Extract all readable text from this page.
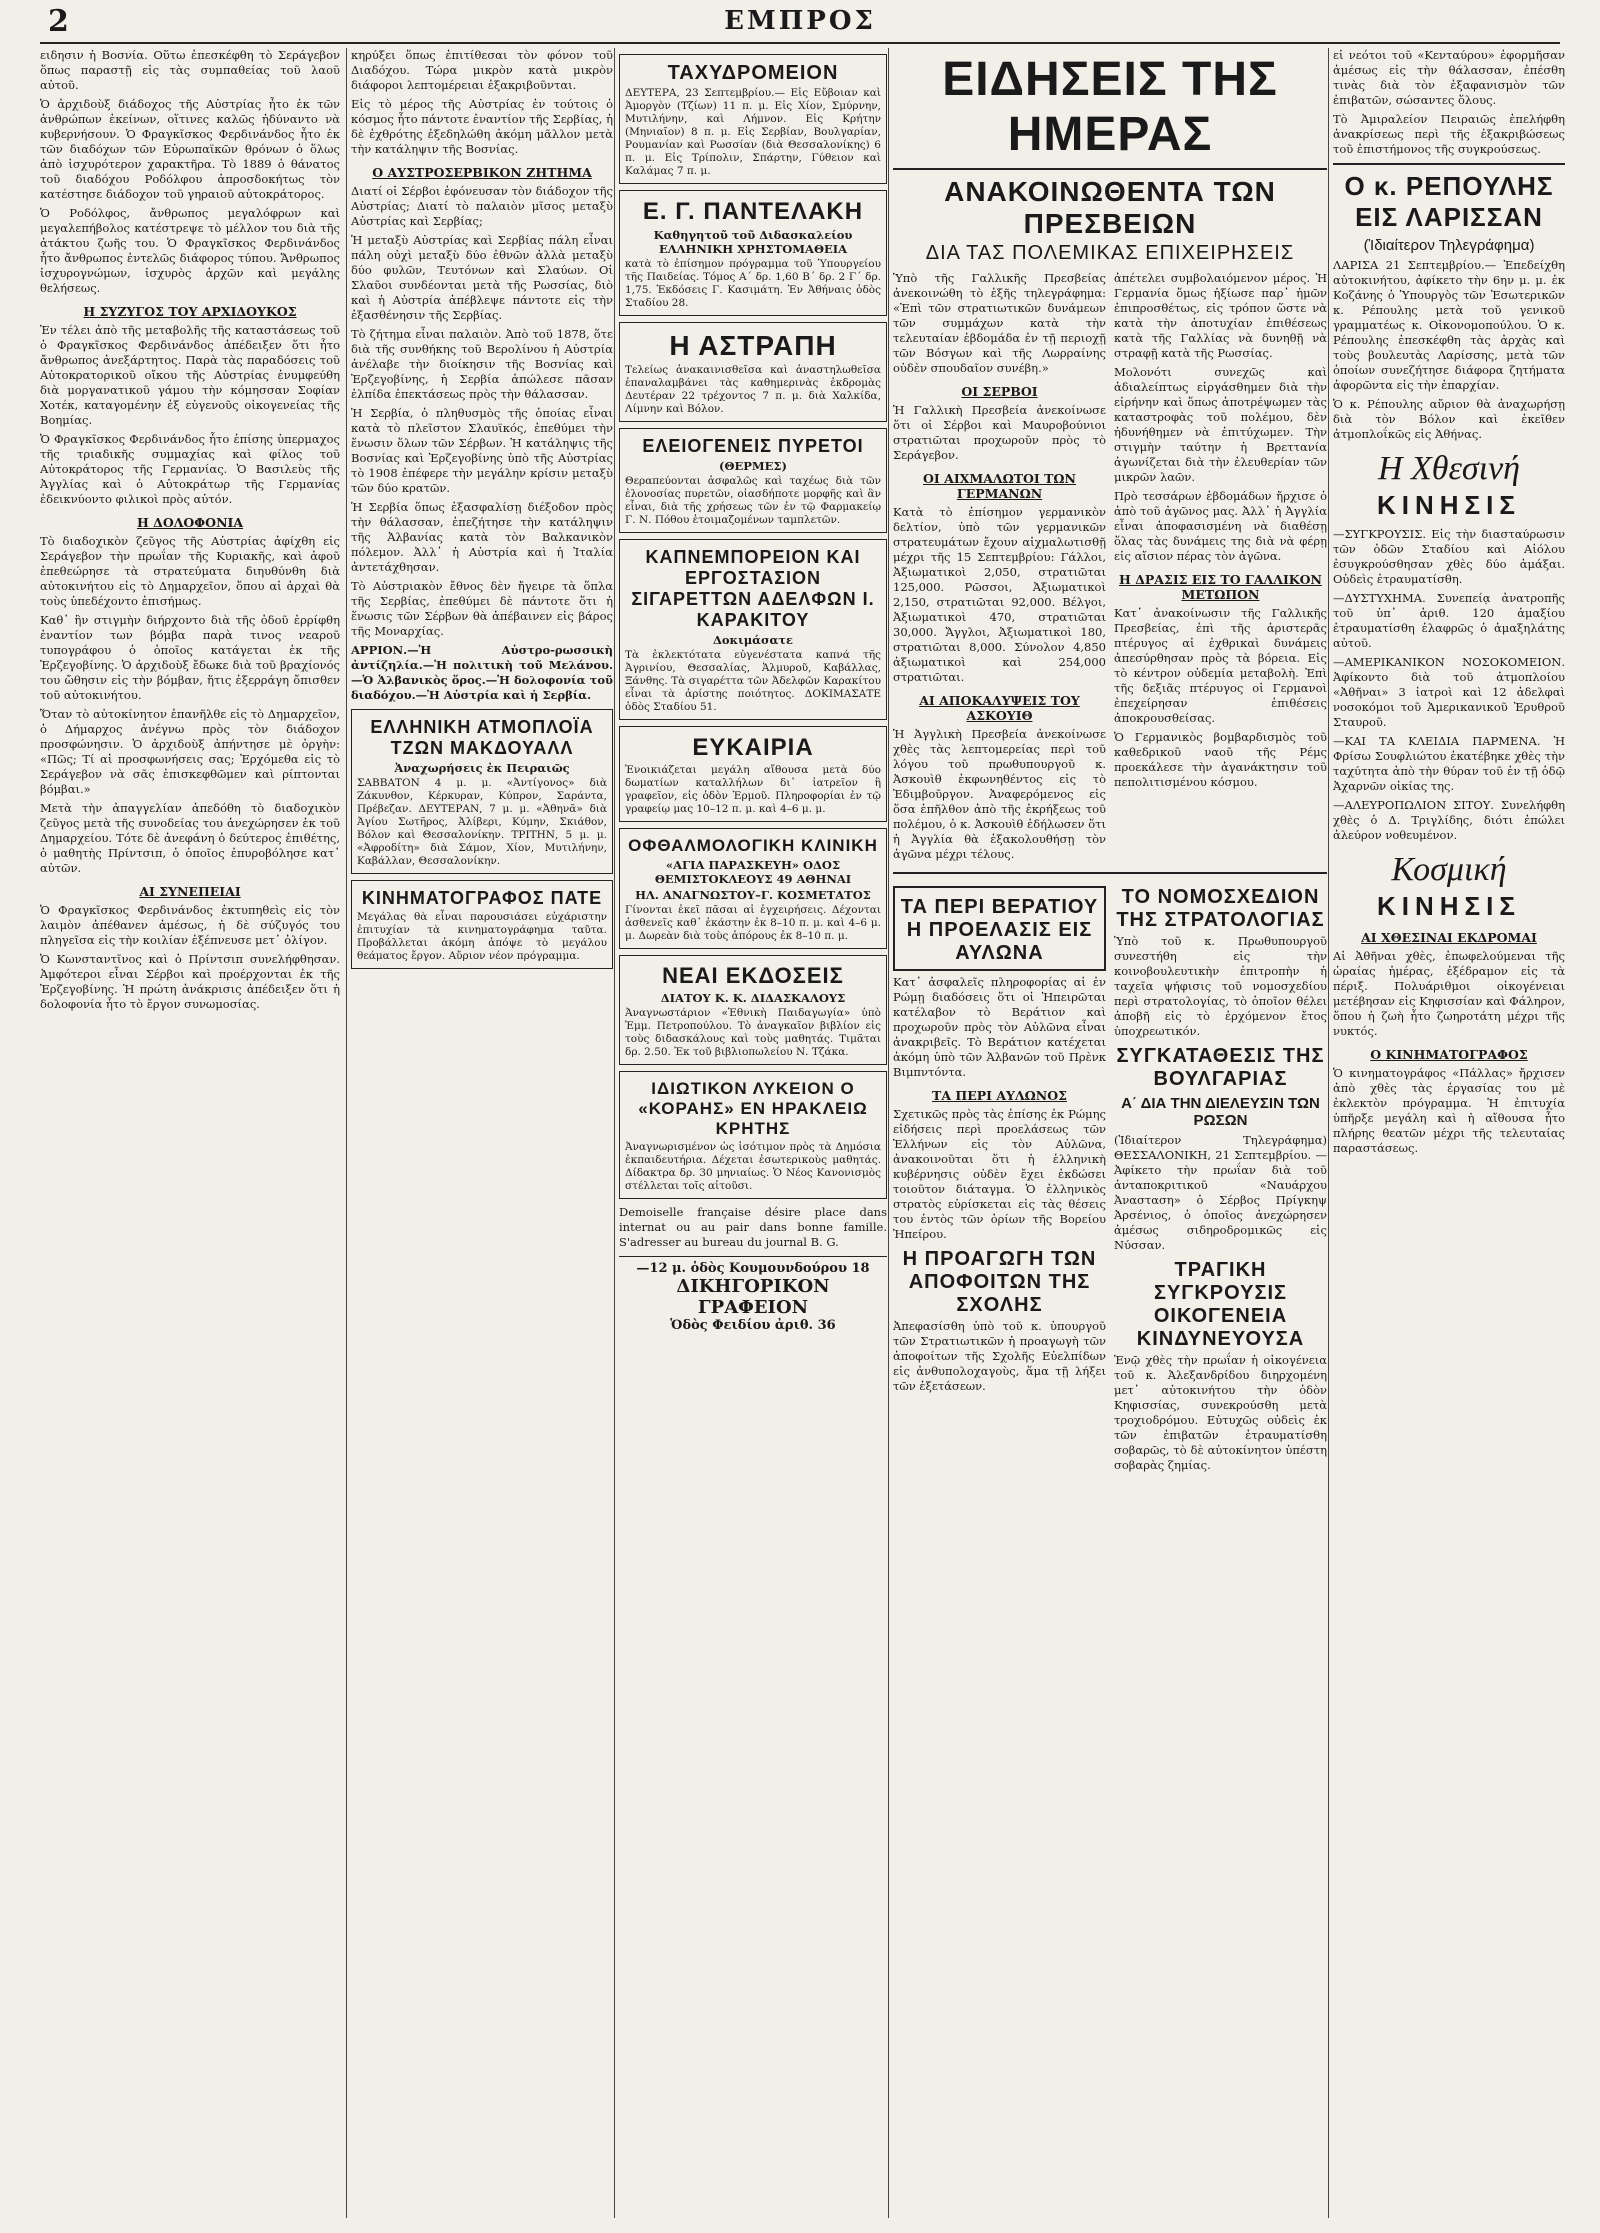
2	ΕΜΠΡΟΣ

ειδησιν ἡ Βοσνία. Οὕτω ἐπεσκέφθη τὸ Σεράγεβον ὅπως παραστῇ εἰς τὰς συμπαθείας τοῦ λαοῦ αὐτοῦ.

Ὁ ἀρχιδοὺξ διάδοχος τῆς Αὐστρίας ἦτο ἐκ τῶν ἀνθρώπων ἐκείνων, οἵτινες καλῶς ἠδύναντο νὰ κυβερνήσουν. Ὁ Φραγκῖσκος Φερδινάνδος ἦτο ἐκ τῶν διαδόχων τῶν Εὐρωπαϊκῶν θρόνων ὁ ὅλως ἀπὸ ἰσχυρότερον χαρακτῆρα. Τὸ 1889 ὁ θάνατος τοῦ διαδόχου Ροδόλφου ἀπροσδοκήτως τὸν κατέστησε διάδοχον τοῦ γηραιοῦ αὐτοκράτορος.

Ὁ Ροδόλφος, ἄνθρωπος μεγαλόφρων καὶ μεγαλεπήβολος κατέστρεψε τὸ μέλλον του διὰ τῆς ἀτάκτου ζωῆς του. Ὁ Φραγκῖσκος Φερδινάνδος ἦτο ἄνθρωπος ἐντελῶς διάφορος τύπου. Ἄνθρωπος ἰσχυρογνώμων, ἰσχυρὸς ἀρχῶν καὶ μεγάλης θελήσεως.

Η ΣΥΖΥΓΟΣ ΤΟΥ ΑΡΧΙΔΟΥΚΟΣ

Ἐν τέλει ἀπὸ τῆς μεταβολῆς τῆς καταστάσεως τοῦ ὁ Φραγκῖσκος Φερδινάνδος ἀπέδειξεν ὅτι ἦτο ἄνθρωπος ἀνεξάρτητος. Παρὰ τὰς παραδόσεις τοῦ Αὐτοκρατορικοῦ οἴκου τῆς Αὐστρίας ἐνυμφεύθη διὰ μοργανατικοῦ γάμου τὴν κόμησσαν Σοφίαν Χοτέκ, καταγομένην ἐξ εὐγενοῦς οἰκογενείας τῆς Βοημίας.

Ὁ Φραγκῖσκος Φερδινάνδος ἦτο ἐπίσης ὑπερμαχος τῆς τριαδικῆς συμμαχίας καὶ φίλος τοῦ Αὐτοκράτορος τῆς Γερμανίας. Ὁ Βασιλεὺς τῆς Ἀγγλίας καὶ ὁ Αὐτοκράτωρ τῆς Γερμανίας ἐδεικνύοντο φιλικοὶ πρὸς αὐτόν.

Η ΔΟΛΟΦΟΝΙΑ

Τὸ διαδοχικὸν ζεῦγος τῆς Αὐστρίας ἀφίχθη εἰς Σεράγεβον τὴν πρωΐαν τῆς Κυριακῆς, καὶ ἀφοῦ ἐπεθεώρησε τὰ στρατεύματα διηυθύνθη διὰ αὐτοκινήτου εἰς τὸ Δημαρχεῖον, ὅπου αἱ ἀρχαὶ θὰ τοὺς ὑπεδέχοντο ἐπισήμως.

Καθ᾿ ἣν στιγμὴν διήρχοντο διὰ τῆς ὁδοῦ ἐρρίφθη ἐναντίον των βόμβα παρὰ τινος νεαροῦ τυπογράφου ὁ ὁποῖος κατάγεται ἐκ τῆς Ἐρζεγοβίνης. Ὁ ἀρχιδοὺξ ἔδωκε διὰ τοῦ βραχίονός του ὤθησιν εἰς τὴν βόμβαν, ἥτις ἐξερράγη ὄπισθεν τοῦ αὐτοκινήτου.

Ὅταν τὸ αὐτοκίνητον ἐπανῆλθε εἰς τὸ Δημαρχεῖον, ὁ Δήμαρχος ἀνέγνω πρὸς τὸν διάδοχον προσφώνησιν. Ὁ ἀρχιδοὺξ ἀπήντησε μὲ ὀργὴν: «Πῶς; Τί αἱ προσφωνήσεις σας; Ἐρχόμεθα εἰς τὸ Σεράγεβον νὰ σᾶς ἐπισκεφθῶμεν καὶ ρίπτονται βόμβαι.»

Μετὰ τὴν ἀπαγγελίαν ἀπεδόθη τὸ διαδοχικὸν ζεῦγος μετὰ τῆς συνοδείας του ἀνεχώρησεν ἐκ τοῦ Δημαρχείου. Τότε δὲ ἀνεφάνη ὁ δεύτερος ἐπιθέτης, ὁ μαθητὴς Πρίντσιπ, ὁ ὁποῖος ἐπυροβόλησε κατ᾿ αὐτῶν.

ΑΙ ΣΥΝΕΠΕΙΑΙ

Ὁ Φραγκῖσκος Φερδινάνδος ἐκτυπηθεὶς εἰς τὸν λαιμὸν ἀπέθανεν ἀμέσως, ἡ δὲ σύζυγός του πληγεῖσα εἰς τὴν κοιλίαν ἐξέπνευσε μετ᾿ ὀλίγον.

Ὁ Κωνσταντῖνος καὶ ὁ Πρίντσιπ συνελήφθησαν. Ἀμφότεροι εἶναι Σέρβοι καὶ προέρχονται ἐκ τῆς Ἐρζεγοβίνης. Ἡ πρώτη ἀνάκρισις ἀπέδειξεν ὅτι ἡ δολοφονία ἦτο τὸ ἔργον συνωμοσίας.

κηρύξει ὅπως ἐπιτίθεσαι τὸν φόνον τοῦ Διαδόχου. Τώρα μικρὸν κατὰ μικρὸν διάφοροι λεπτομέρειαι ἐξακριβοῦνται.

Εἰς τὸ μέρος τῆς Αὐστρίας ἐν τούτοις ὁ κόσμος ἦτο πάντοτε ἐναντίον τῆς Σερβίας, ἡ δὲ ἐχθρότης ἐξεδηλώθη ἀκόμη μᾶλλον μετὰ τὴν κατάληψιν τῆς Βοσνίας.

Ο ΑΥΣΤΡΟΣΕΡΒΙΚΟΝ ΖΗΤΗΜΑ

Διατί οἱ Σέρβοι ἐφόνευσαν τὸν διάδοχον τῆς Αὐστρίας; Διατί τὸ παλαιὸν μῖσος μεταξὺ Αὐστρίας καὶ Σερβίας;

Ἡ μεταξὺ Αὐστρίας καὶ Σερβίας πάλη εἶναι πάλη οὐχὶ μεταξὺ δύο ἐθνῶν ἀλλὰ μεταξὺ δύο φυλῶν, Τευτόνων καὶ Σλαύων. Οἱ Σλαῦοι συνδέονται μετὰ τῆς Ρωσσίας, διὸ καὶ ἡ Αὐστρία ἀπέβλεψε πάντοτε εἰς τὴν ἐξασθένησιν τῆς Σερβίας.

Τὸ ζήτημα εἶναι παλαιὸν. Ἀπὸ τοῦ 1878, ὅτε διὰ τῆς συνθήκης τοῦ Βερολίνου ἡ Αὐστρία ἀνέλαβε τὴν διοίκησιν τῆς Βοσνίας καὶ Ἐρζεγοβίνης, ἡ Σερβία ἀπώλεσε πᾶσαν ἐλπίδα ἐπεκτάσεως πρὸς τὴν θάλασσαν.

Ἡ Σερβία, ὁ πληθυσμὸς τῆς ὁποίας εἶναι κατὰ τὸ πλεῖστον Σλαυϊκός, ἐπεθύμει τὴν ἕνωσιν ὅλων τῶν Σέρβων. Ἡ κατάληψις τῆς Βοσνίας καὶ Ἐρζεγοβίνης ὑπὸ τῆς Αὐστρίας τὸ 1908 ἐπέφερε τὴν μεγάλην κρίσιν μεταξὺ τῶν δύο κρατῶν.

Ἡ Σερβία ὅπως ἐξασφαλίσῃ διέξοδον πρὸς τὴν θάλασσαν, ἐπεζήτησε τὴν κατάληψιν τῆς Ἀλβανίας κατὰ τὸν Βαλκανικὸν πόλεμον. Ἀλλ᾿ ἡ Αὐστρία καὶ ἡ Ἰταλία ἀντετάχθησαν.

Τὸ Αὐστριακὸν ἔθνος δὲν ἤγειρε τὰ ὅπλα τῆς Σερβίας, ἐπεθύμει δὲ πάντοτε ὅτι ἡ ἕνωσις τῶν Σέρβων θὰ ἀπέβαινεν εἰς βάρος τῆς Μοναρχίας.

ΑΡΡΙΟΝ.—Ἡ Αὐστρο-ρωσσικὴ ἀντίζηλία.—Ἡ πολιτικὴ τοῦ Μελάνου.—Ὁ Ἀλβανικὸς ὅρος.—Ἡ δολοφονία τοῦ διαδόχου.—Ἡ Αὐστρία καὶ ἡ Σερβία.

ΕΛΛΗΝΙΚΗ ΑΤΜΟΠΛΟΪΑ ΤΖΩΝ ΜΑΚΔΟΥΑΛΛ
Ἀναχωρήσεις ἐκ Πειραιῶς
ΣΑΒΒΑΤΟΝ 4 μ. μ. «Ἀντίγονος» διὰ Ζάκυνθον, Κέρκυραν, Κύπρον, Σαράντα, Πρέβεζαν. ΔΕΥΤΕΡΑΝ, 7 μ. μ. «Ἀθηνᾶ» διὰ Ἀγίου Σωτῆρος, Ἀλίβερι, Κύμην, Σκιάθον, Βόλον καὶ Θεσσαλονίκην. ΤΡΙΤΗΝ, 5 μ. μ. «Ἀφροδίτη» διὰ Σάμον, Χίον, Μυτιλήνην, Καβάλλαν, Θεσσαλονίκην.
ΚΙΝΗΜΑΤΟΓΡΑΦΟΣ ΠΑΤΕ
Μεγάλας θὰ εἶναι παρουσιάσει εὐχάριστην ἐπιτυχίαν τὰ κινηματογράφημα ταῦτα. Προβάλλεται ἀκόμη ἀπόψε τὸ μεγάλου θεάματος ἔργον. Αὔριον νέον πρόγραμμα.
ΤΑΧΥΔΡΟΜΕΙΟΝ
ΔΕΥΤΕΡΑ, 23 Σεπτεμβρίου.— Εἰς Εὔβοιαν καὶ Ἀμοργὸν (Τζίων) 11 π. μ. Εἰς Χίον, Σμύρνην, Μυτιλήνην, καὶ Λήμνον. Εἰς Κρήτην (Μηνιαῖον) 8 π. μ. Εἰς Σερβίαν, Βουλγαρίαν, Ρουμανίαν καὶ Ρωσσίαν (διὰ Θεσσαλονίκης) 6 π. μ. Εἰς Τρίπολιν, Σπάρτην, Γύθειον καὶ Καλάμας 7 π. μ.
Ε. Γ. ΠΑΝΤΕΛΑΚΗ
Καθηγητοῦ τοῦ Διδασκαλείου ΕΛΛΗΝΙΚΗ ΧΡΗΣΤΟΜΑΘΕΙΑ
κατὰ τὸ ἐπίσημον πρόγραμμα τοῦ Ὑπουργείου τῆς Παιδείας. Τόμος Α΄ δρ. 1,60 Β΄ δρ. 2 Γ΄ δρ. 1,75. Ἐκδόσεις Γ. Κασιμάτη. Ἐν Ἀθήναις ὁδὸς Σταδίου 28.
Η ΑΣΤΡΑΠΗ
Τελείως ἀνακαινισθεῖσα καὶ ἀναστηλωθεῖσα ἐπαναλαμβάνει τὰς καθημερινὰς ἐκδρομὰς Δευτέραν 22 τρέχοντος 7 π. μ. διὰ Χαλκίδα, Λίμνην καὶ Βόλον.
ΕΛΕΙΟΓΕΝΕΙΣ ΠΥΡΕΤΟΙ
(ΘΕΡΜΕΣ)
Θεραπεύονται ἀσφαλῶς καὶ ταχέως διὰ τῶν ἑλονοσίας πυρετῶν, οἱασδήποτε μορφῆς καὶ ἂν εἶναι, διὰ τῆς χρήσεως τῶν ἐν τῷ Φαρμακείῳ Γ. Ν. Πόθου ἑτοιμαζομένων ταμπλετῶν.
ΚΑΠΝΕΜΠΟΡΕΙΟΝ ΚΑΙ ΕΡΓΟΣΤΑΣΙΟΝ ΣΙΓΑΡΕΤΤΩΝ ΑΔΕΛΦΩΝ Ι. ΚΑΡΑΚΙΤΟΥ
Δοκιμάσατε
Τὰ ἐκλεκτότατα εὐγενέστατα καπνά τῆς Ἀγρινίου, Θεσσαλίας, Ἁλμυροῦ, Καβάλλας, Ξάνθης. Τὰ σιγαρέττα τῶν Ἀδελφῶν Καρακίτου εἶναι τὰ ἀρίστης ποιότητος. ΔΟΚΙΜΑΣΑΤΕ ὁδὸς Σταδίου 51.
ΕΥΚΑΙΡΙΑ
Ἐνοικιάζεται μεγάλη αἴθουσα μετὰ δύο δωματίων καταλλήλων δι᾿ ἰατρεῖον ἢ γραφεῖον, εἰς ὁδὸν Ἑρμοῦ. Πληροφορίαι ἐν τῷ γραφείῳ μας 10–12 π. μ. καὶ 4–6 μ. μ.
ΟΦΘΑΛΜΟΛΟΓΙΚΗ ΚΛΙΝΙΚΗ
«ΑΓΙΑ ΠΑΡΑΣΚΕΥΗ» ΟΔΟΣ ΘΕΜΙΣΤΟΚΛΕΟΥΣ 49 ΑΘΗΝΑΙ
ΗΛ. ΑΝΑΓΝΩΣΤΟΥ–Γ. ΚΟΣΜΕΤΑΤΟΣ
Γίνονται ἐκεῖ πᾶσαι αἱ ἐγχειρήσεις. Δέχονται ἀσθενεῖς καθ᾿ ἑκάστην ἐκ 8–10 π. μ. καὶ 4–6 μ. μ. Δωρεὰν διὰ τοὺς ἀπόρους ἐκ 8–10 π. μ.
ΝΕΑΙ ΕΚΔΟΣΕΙΣ
ΔΙΑΤΟΥ Κ. Κ. ΔΙΔΑΣΚΑΛΟΥΣ
Ἀναγνωστάριον «Ἐθνικὴ Παιδαγωγία» ὑπὸ Ἐμμ. Πετροπούλου. Τὸ ἀναγκαῖον βιβλίον εἰς τοὺς διδασκάλους καὶ τοὺς μαθητάς. Τιμᾶται δρ. 2.50. Ἐκ τοῦ βιβλιοπωλείου Ν. Τζάκα.
ΙΔΙΩΤΙΚΟΝ ΛΥΚΕΙΟΝ Ο «ΚΟΡΑΗΣ» ΕΝ ΗΡΑΚΛΕΙΩ ΚΡΗΤΗΣ
Ἀναγνωρισμένον ὡς ἰσότιμον πρὸς τὰ Δημόσια ἐκπαιδευτήρια. Δέχεται ἐσωτερικοὺς μαθητάς. Δίδακτρα δρ. 30 μηνιαίως. Ὁ Νέος Κανονισμὸς στέλλεται τοῖς αἰτοῦσι.
Demoiselle française désire place dans internat ou au pair dans bonne famille. S'adresser au bureau du journal B. G.
—12 μ. ὁδὸς Κουμουνδούρου 18
ΔΙΚΗΓΟΡΙΚΟΝ ΓΡΑΦΕΙΟΝ
Ὁδὸς Φειδίου ἀριθ. 36
ΕΙΔΗΣΕΙΣ ΤΗΣ ΗΜΕΡΑΣ
ΑΝΑΚΟΙΝΩΘΕΝΤΑ ΤΩΝ ΠΡΕΣΒΕΙΩΝ
ΔΙΑ ΤΑΣ ΠΟΛΕΜΙΚΑΣ ΕΠΙΧΕΙΡΗΣΕΙΣ

Ὑπὸ τῆς Γαλλικῆς Πρεσβείας ἀνεκοινώθη τὸ ἑξῆς τηλεγράφημα: «Ἐπὶ τῶν στρατιωτικῶν δυνάμεων τῶν συμμάχων κατὰ τὴν τελευταίαν ἑβδομάδα ἐν τῇ περιοχῇ τῶν Βόσγων καὶ τῆς Λωρραίνης οὐδὲν σπουδαῖον συνέβη.»

ΟΙ ΣΕΡΒΟΙ

Ἡ Γαλλικὴ Πρεσβεία ἀνεκοίνωσε ὅτι οἱ Σέρβοι καὶ Μαυροβούνιοι στρατιῶται προχωροῦν πρὸς τὸ Σεράγεβον.

ΟΙ ΑΙΧΜΑΛΩΤΟΙ ΤΩΝ ΓΕΡΜΑΝΩΝ

Κατὰ τὸ ἐπίσημον γερμανικὸν δελτίον, ὑπὸ τῶν γερμανικῶν στρατευμάτων ἔχουν αἰχμαλωτισθῇ μέχρι τῆς 15 Σεπτεμβρίου: Γάλλοι, Ἀξιωματικοὶ 2,050, στρατιῶται 125,000. Ρῶσσοι, Ἀξιωματικοὶ 2,150, στρατιῶται 92,000. Βέλγοι, Ἀξιωματικοὶ 470, στρατιῶται 30,000. Ἄγγλοι, Ἀξιωματικοὶ 180, στρατιῶται 8,000. Σύνολον 4,850 ἀξιωματικοὶ καὶ 254,000 στρατιῶται.

ΑΙ ΑΠΟΚΑΛΥΨΕΙΣ ΤΟΥ ΑΣΚΟΥΙΘ

Ἡ Ἀγγλικὴ Πρεσβεία ἀνεκοίνωσε χθὲς τὰς λεπτομερείας περὶ τοῦ λόγου τοῦ πρωθυπουργοῦ κ. Ἀσκουὶθ ἐκφωνηθέντος εἰς τὸ Ἐδιμβοῦργον. Ἀναφερόμενος εἰς ὅσα ἐπῆλθον ἀπὸ τῆς ἐκρήξεως τοῦ πολέμου, ὁ κ. Ἀσκουὶθ ἐδήλωσεν ὅτι ἡ Ἀγγλία θὰ ἐξακολουθήσῃ τὸν ἀγῶνα μέχρι τέλους.

ἀπέτελει συμβολαιόμενον μέρος. Ἡ Γερμανία ὅμως ἠξίωσε παρ᾿ ἡμῶν ἐπιπροσθέτως, εἰς τρόπον ὥστε νὰ κατὰ τὴν ἀποτυχίαν ἐπιθέσεως κατὰ τῆς Γαλλίας νὰ δυνηθῇ νὰ στραφῇ κατὰ τῆς Ρωσσίας.

Μολονότι συνεχῶς καὶ ἀδιαλείπτως εἰργάσθημεν διὰ τὴν εἰρήνην καὶ ὅπως ἀποτρέψωμεν τὰς καταστροφὰς τοῦ πολέμου, δὲν ἠδυνήθημεν νὰ ἐπιτύχωμεν. Τὴν στιγμὴν ταύτην ἡ Βρεττανία ἀγωνίζεται διὰ τὴν ἐλευθερίαν τῶν μικρῶν λαῶν.

Πρὸ τεσσάρων ἑβδομάδων ἤρχισε ὁ ἀπὸ τοῦ ἀγῶνος μας. Ἀλλ᾿ ἡ Ἀγγλία εἶναι ἀποφασισμένη νὰ διαθέσῃ ὅλας τὰς δυνάμεις της διὰ νὰ φέρῃ εἰς αἴσιον πέρας τὸν ἀγῶνα.

Η ΔΡΑΣΙΣ ΕΙΣ ΤΟ ΓΑΛΛΙΚΟΝ ΜΕΤΩΠΟΝ

Κατ᾿ ἀνακοίνωσιν τῆς Γαλλικῆς Πρεσβείας, ἐπὶ τῆς ἀριστερᾶς πτέρυγος αἱ ἐχθρικαὶ δυνάμεις ἀπεσύρθησαν πρὸς τὰ βόρεια. Εἰς τὸ κέντρον οὐδεμία μεταβολὴ. Ἐπὶ τῆς δεξιᾶς πτέρυγος οἱ Γερμανοὶ ἐπεχείρησαν ἐπιθέσεις ἀποκρουσθείσας.

Ὁ Γερμανικὸς βομβαρδισμὸς τοῦ καθεδρικοῦ ναοῦ τῆς Ρέμς προεκάλεσε τὴν ἀγανάκτησιν τοῦ πεπολιτισμένου κόσμου.

ΤΑ ΠΕΡΙ ΒΕΡΑΤΙΟΥ Η ΠΡΟΕΛΑΣΙΣ ΕΙΣ ΑΥΛΩΝΑ

Κατ᾿ ἀσφαλεῖς πληροφορίας αἱ ἐν Ρώμῃ διαδόσεις ὅτι οἱ Ἠπειρῶται κατέλαβον τὸ Βεράτιον καὶ προχωροῦν πρὸς τὸν Αὐλῶνα εἶναι ἀνακριβεῖς. Τὸ Βεράτιον κατέχεται ἀκόμη ὑπὸ τῶν Ἀλβανῶν τοῦ Πρὲνκ Βιμπντόντα.

ΤΑ ΠΕΡΙ ΑΥΛΩΝΟΣ

Σχετικῶς πρὸς τὰς ἐπίσης ἐκ Ρώμης εἰδήσεις περὶ προελάσεως τῶν Ἑλλήνων εἰς τὸν Αὐλῶνα, ἀνακοινοῦται ὅτι ἡ ἑλληνικὴ κυβέρνησις οὐδὲν ἔχει ἐκδώσει τοιοῦτον διάταγμα. Ὁ ἑλληνικὸς στρατὸς εὑρίσκεται εἰς τὰς θέσεις του ἐντὸς τῶν ὁρίων τῆς Βορείου Ἠπείρου.

Η ΠΡΟΑΓΩΓΗ ΤΩΝ ΑΠΟΦΟΙΤΩΝ ΤΗΣ ΣΧΟΛΗΣ

Ἀπεφασίσθη ὑπὸ τοῦ κ. ὑπουργοῦ τῶν Στρατιωτικῶν ἡ προαγωγὴ τῶν ἀποφοίτων τῆς Σχολῆς Εὐελπίδων εἰς ἀνθυπολοχαγοὺς, ἅμα τῇ λήξει τῶν ἐξετάσεων.

ΤΟ ΝΟΜΟΣΧΕΔΙΟΝ ΤΗΣ ΣΤΡΑΤΟΛΟΓΙΑΣ

Ὑπὸ τοῦ κ. Πρωθυπουργοῦ συνεστήθη εἰς τὴν κοινοβουλευτικὴν ἐπιτροπὴν ἡ ταχεῖα ψήφισις τοῦ νομοσχεδίου περὶ στρατολογίας, τὸ ὁποῖον θέλει ἀποβῆ εἰς τὸ ἐρχόμενον ἔτος ὑποχρεωτικόν.

ΣΥΓΚΑΤΑΘΕΣΙΣ ΤΗΣ ΒΟΥΛΓΑΡΙΑΣ
Α΄ ΔΙΑ ΤΗΝ ΔΙΕΛΕΥΣΙΝ ΤΩΝ ΡΩΣΩΝ

(Ἰδιαίτερον Τηλεγράφημα) ΘΕΣΣΑΛΟΝΙΚΗ, 21 Σεπτεμβρίου. — Ἀφίκετο τὴν πρωΐαν διὰ τοῦ ἀνταποκριτικοῦ «Ναυάρχου Ἀνασταση» ὁ Σέρβος Πρίγκηψ Ἀρσένιος, ὁ ὁποῖος ἀνεχώρησεν ἀμέσως σιδηροδρομικῶς εἰς Νύσσαν.

ΤΡΑΓΙΚΗ ΣΥΓΚΡΟΥΣΙΣ ΟΙΚΟΓΕΝΕΙΑ ΚΙΝΔΥΝΕΥΟΥΣΑ

Ἐνῷ χθὲς τὴν πρωΐαν ἡ οἰκογένεια τοῦ κ. Ἀλεξανδρίδου διηρχομένη μετ᾿ αὐτοκινήτου τὴν ὁδὸν Κηφισσίας, συνεκρούσθη μετὰ τροχιοδρόμου. Εὐτυχῶς οὐδεὶς ἐκ τῶν ἐπιβατῶν ἐτραυματίσθη σοβαρῶς, τὸ δὲ αὐτοκίνητον ὑπέστη σοβαρὰς ζημίας.

εἰ νεότοι τοῦ «Κενταύρου» ἐφορμῆσαν ἀμέσως εἰς τὴν θάλασσαν, ἐπέσθη τινὰς διὰ τὸν ἐξαφανισμὸν τῶν ἐπιβατῶν, σώσαντες ὅλους.

Τὸ Ἀμιραλείον Πειραιῶς ἐπελήφθη ἀνακρίσεως περὶ τῆς ἐξακριβώσεως τοῦ ἐπιστήμονος τῆς συγκρούσεως.

Ο κ. ΡΕΠΟΥΛΗΣ ΕΙΣ ΛΑΡΙΣΣΑΝ
(Ἰδιαίτερον Τηλεγράφημα)

ΛΑΡΙΣΑ 21 Σεπτεμβρίου.— Ἐπεδείχθη αὐτοκινήτου, ἀφίκετο τὴν 6ην μ. μ. ἐκ Κοζάνης ὁ Ὑπουργὸς τῶν Ἐσωτερικῶν κ. Ρέπουλης μετὰ τοῦ γενικοῦ γραμματέως κ. Οἰκονομοπούλου. Ὁ κ. Ρέπουλης ἐπεσκέφθη τὰς ἀρχὰς καὶ τοὺς βουλευτὰς Λαρίσσης, μετὰ τῶν ὁποίων συνεζήτησε διάφορα ζητήματα ἀφορῶντα εἰς τὴν ἐπαρχίαν.

Ὁ κ. Ρέπουλης αὔριον θὰ ἀναχωρήσῃ διὰ τὸν Βόλον καὶ ἐκεῖθεν ἀτμοπλοΐκῶς εἰς Ἀθήνας.

Η Χθεσινή
ΚΙΝΗΣΙΣ

—ΣΥΓΚΡΟΥΣΙΣ. Εἰς τὴν διασταύρωσιν τῶν ὁδῶν Σταδίου καὶ Αἰόλου ἐσυγκρούσθησαν χθὲς δύο ἁμάξαι. Οὐδεὶς ἐτραυματίσθη.

—ΔΥΣΤΥΧΗΜΑ. Συνεπείᾳ ἀνατροπῆς τοῦ ὑπ᾿ ἀριθ. 120 ἁμαξίου ἐτραυματίσθη ἐλαφρῶς ὁ ἀμαξηλάτης αὐτοῦ.

—ΑΜΕΡΙΚΑΝΙΚΟΝ ΝΟΣΟΚΟΜΕΙΟΝ. Ἀφίκοντο διὰ τοῦ ἀτμοπλοίου «Ἀθῆναι» 3 ἰατροὶ καὶ 12 ἀδελφαὶ νοσοκόμοι τοῦ Ἀμερικανικοῦ Ἐρυθροῦ Σταυροῦ.

—ΚΑΙ ΤΑ ΚΛΕΙΔΙΑ ΠΑΡΜΕΝΑ. Ἡ Φρίσω Σουφλιώτου ἐκατέβηκε χθὲς τὴν ταχύτητα ἀπὸ τὴν θύραν τοῦ ἐν τῇ ὁδῷ Ἀχαρνῶν οἰκίας της.

—ΑΛΕΥΡΟΠΩΛΙΟΝ ΣΙΤΟΥ. Συνελήφθη χθὲς ὁ Δ. Τριγλίδης, διότι ἐπώλει ἀλεύρον νοθευμένον.

Κοσμική
ΚΙΝΗΣΙΣ
ΑΙ ΧΘΕΣΙΝΑΙ ΕΚΔΡΟΜΑΙ

Αἱ Ἀθῆναι χθὲς, ἐπωφελούμεναι τῆς ὡραίας ἡμέρας, ἐξέδραμον εἰς τὰ πέριξ. Πολυάριθμοι οἰκογένειαι μετέβησαν εἰς Κηφισσίαν καὶ Φάληρον, ὅπου ἡ ζωὴ ἦτο ζωηροτάτη μέχρι τῆς νυκτός.

Ο ΚΙΝΗΜΑΤΟΓΡΑΦΟΣ

Ὁ κινηματογράφος «Πάλλας» ἤρχισεν ἀπὸ χθὲς τὰς ἐργασίας του μὲ ἐκλεκτὸν πρόγραμμα. Ἡ ἐπιτυχία ὑπῆρξε μεγάλη καὶ ἡ αἴθουσα ἦτο πλήρης θεατῶν μέχρι τῆς τελευταίας παραστάσεως.
